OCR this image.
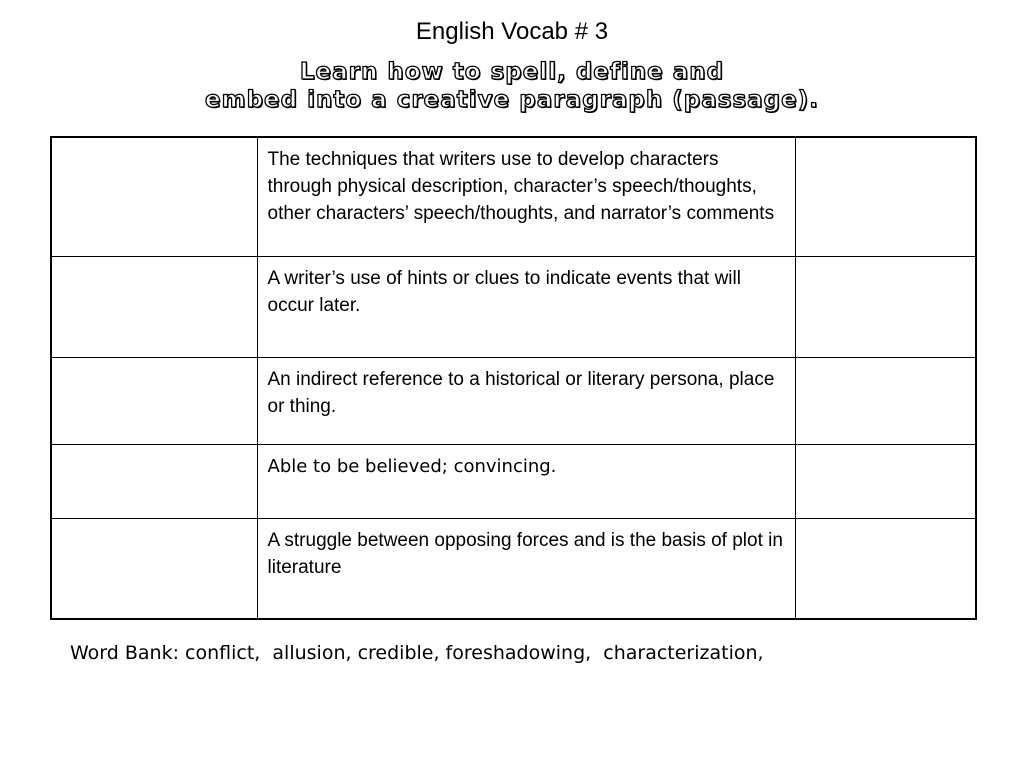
English Vocab # 3
Learn how to spell, define and
embed into a creative paragraph (passage).
	The techniques that writers use to develop characters through physical description, character’s speech/thoughts, other characters’ speech/thoughts, and narrator’s comments	
	A writer’s use of hints or clues to indicate events that will occur later.	
	An indirect reference to a historical or literary persona, place or thing.	
	Able to be believed; convincing.	
	A struggle between opposing forces and is the basis of plot in literature	
Word Bank: conflict,  allusion, credible, foreshadowing,  characterization,
